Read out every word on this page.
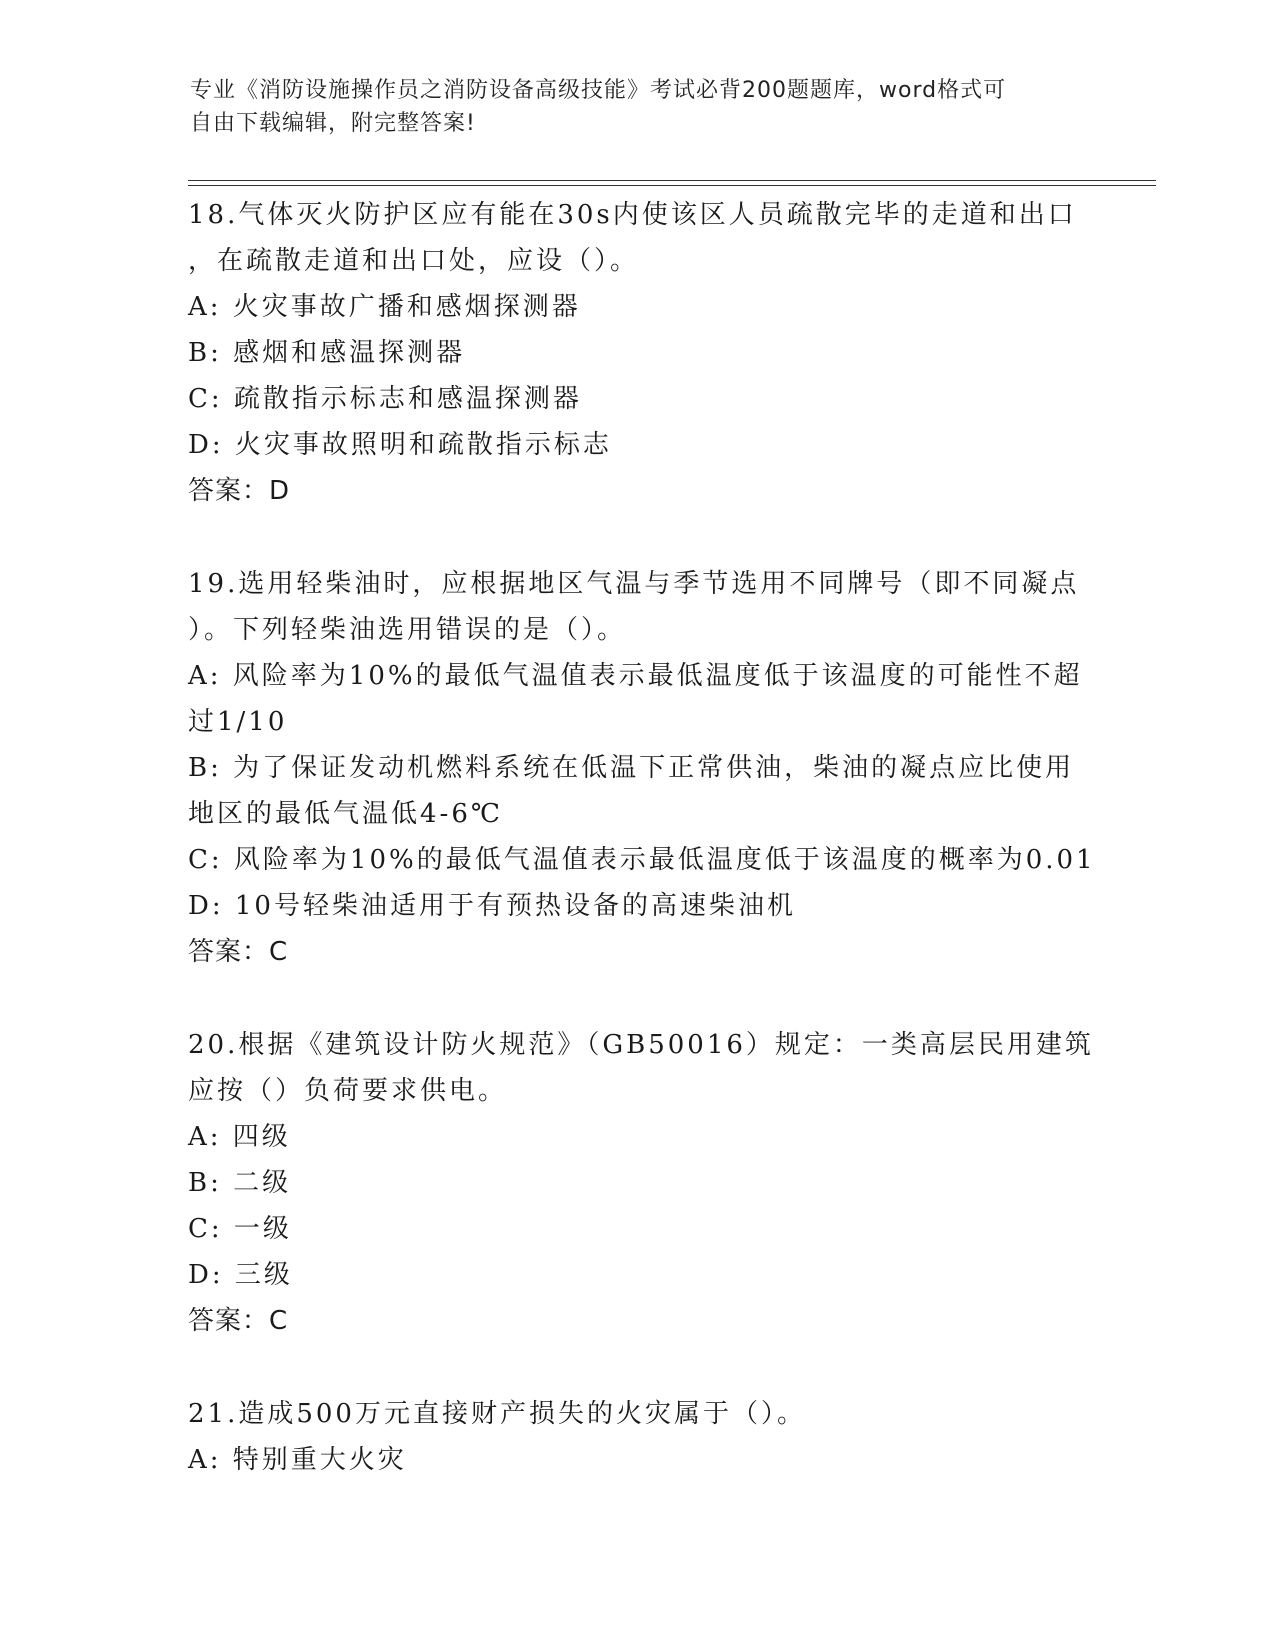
专业《消防设施操作员之消防设备高级技能》考试必背200题题库，word格式可
自由下载编辑，附完整答案!
18.气体灭火防护区应有能在30s内使该区人员疏散完毕的走道和出口
，在疏散走道和出口处，应设（）。
A: 火灾事故广播和感烟探测器
B: 感烟和感温探测器
C: 疏散指示标志和感温探测器
D: 火灾事故照明和疏散指示标志
答案：D
19.选用轻柴油时，应根据地区气温与季节选用不同牌号（即不同凝点
）。下列轻柴油选用错误的是（）。
A: 风险率为10%的最低气温值表示最低温度低于该温度的可能性不超
过1/10
B: 为了保证发动机燃料系统在低温下正常供油，柴油的凝点应比使用
地区的最低气温低4-6℃
C: 风险率为10%的最低气温值表示最低温度低于该温度的概率为0.01
D: 10号轻柴油适用于有预热设备的高速柴油机
答案：C
20.根据《建筑设计防火规范》（GB50016）规定：一类高层民用建筑
应按（）负荷要求供电。
A: 四级
B: 二级
C: 一级
D: 三级
答案：C
21.造成500万元直接财产损失的火灾属于（）。
A: 特别重大火灾
